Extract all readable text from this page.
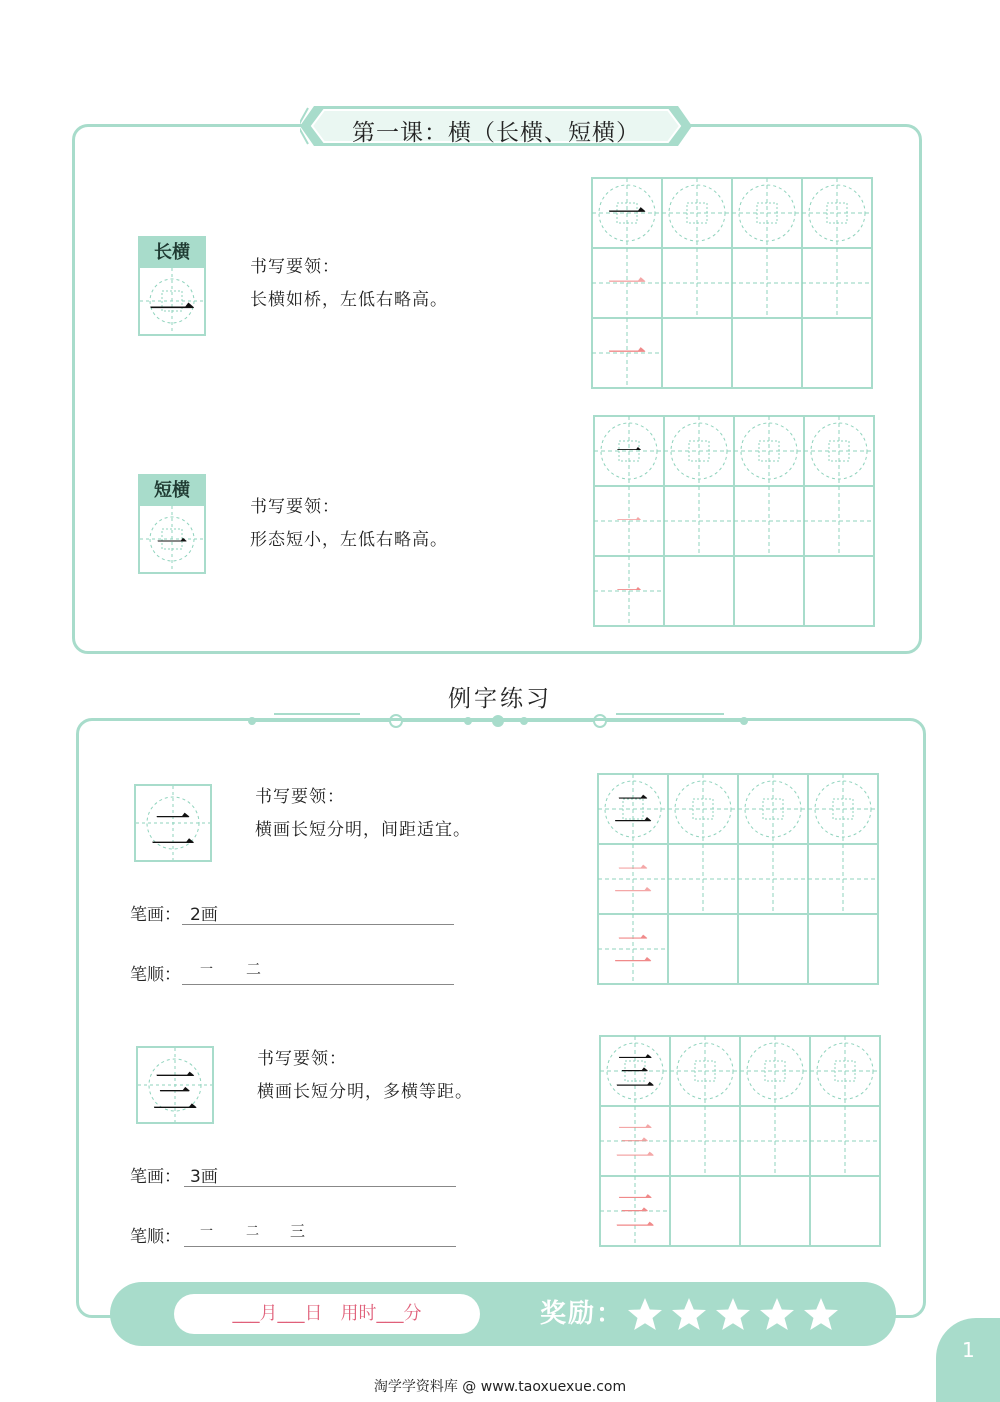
第一课：横（长横、短横）
长横
一
书写要领：
长横如桥，左低右略高。
短横
一
书写要领：
形态短小，左低右略高。
一
一
一
一
一
一
例字练习
二
书写要领：
横画长短分明，间距适宜。
笔画： 2画
笔顺： 一 二
二
二
二
三
书写要领：
横画长短分明，多横等距。
笔画： 3画
笔顺： 一	二 三
三
三
三
___月___日　用时___分	奖励：
1
淘学学资料库 @ www.taoxuexue.com
